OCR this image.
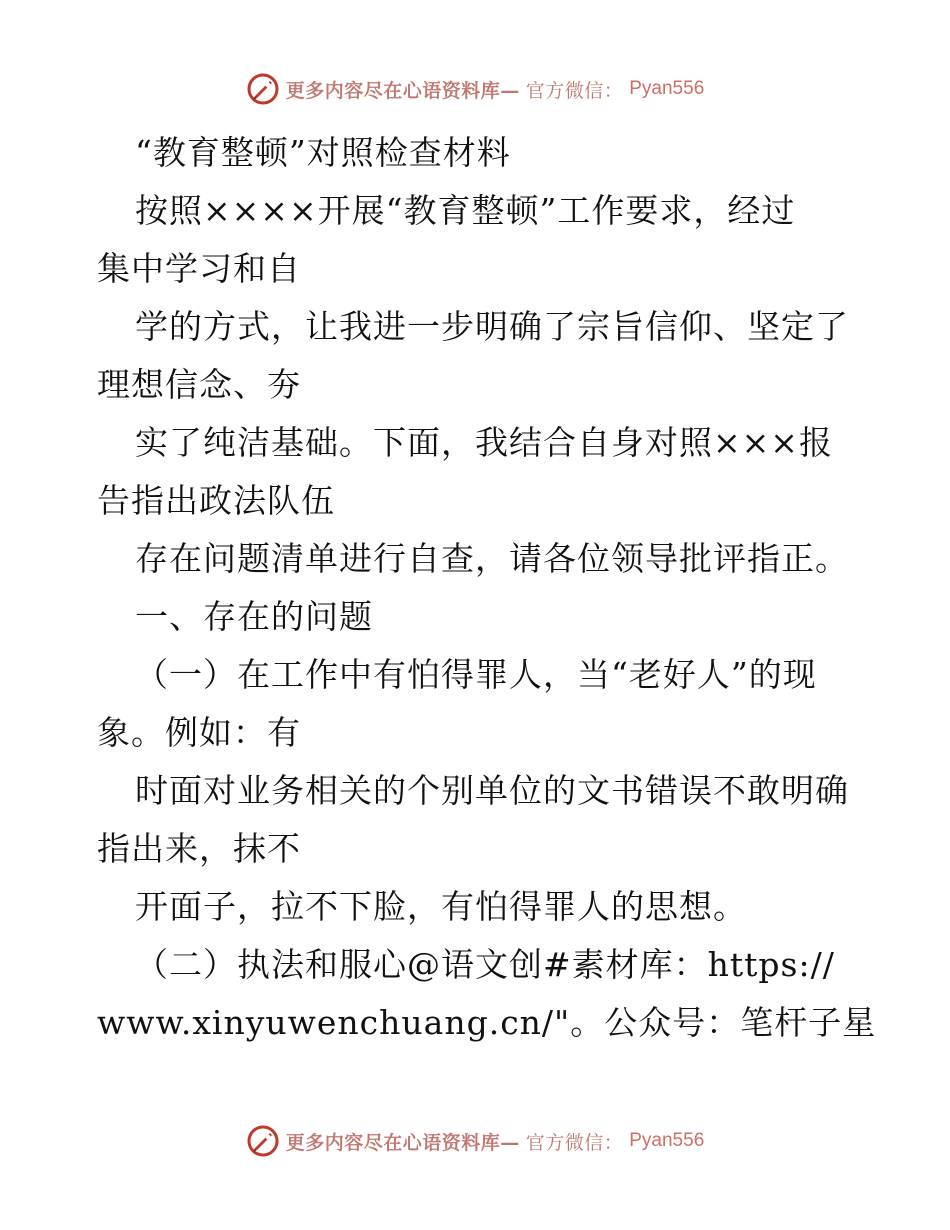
更多内容尽在心语资料库— 官方微信： Pyan556
“教育整顿”对照检查材料
按照××××开展“教育整顿”工作要求，经过
集中学习和自
学的方式，让我进一步明确了宗旨信仰、坚定了
理想信念、夯
实了纯洁基础。下面，我结合自身对照×××报
告指出政法队伍
存在问题清单进行自查，请各位领导批评指正。
一、存在的问题
（一）在工作中有怕得罪人，当“老好人”的现
象。例如：有
时面对业务相关的个别单位的文书错误不敢明确
指出来，抹不
开面子，拉不下脸，有怕得罪人的思想。
（二）执法和服心@语文创#素材库：https://
www.xinyuwenchuang.cn/"。公众号：笔杆子星
更多内容尽在心语资料库— 官方微信： Pyan556
